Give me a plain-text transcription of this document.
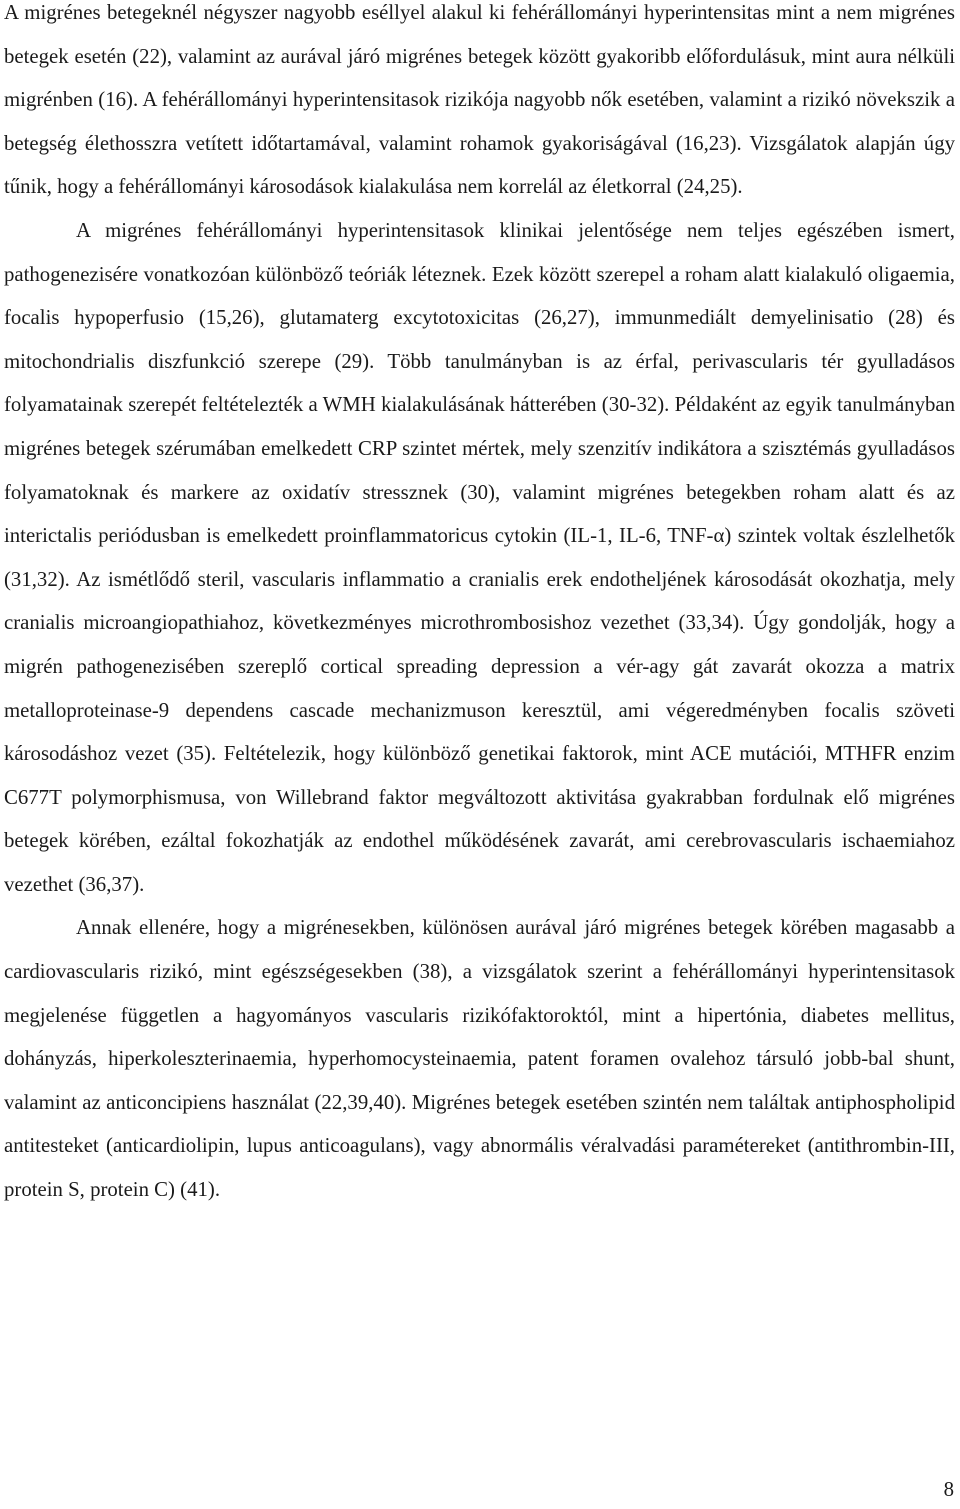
A migrénes betegeknél négyszer nagyobb eséllyel alakul ki fehérállományi hyperintensitas mint a nem migrénes betegek esetén (22), valamint az aurával járó migrénes betegek között gyakoribb előfordulásuk, mint aura nélküli migrénben (16). A fehérállományi hyperintensitasok rizikója nagyobb nők esetében, valamint a rizikó növekszik a betegség élethosszra vetített időtartamával, valamint rohamok gyakoriságával (16,23). Vizsgálatok alapján úgy tűnik, hogy a fehérállományi károsodások kialakulása nem korrelál az életkorral (24,25).

A migrénes fehérállományi hyperintensitasok klinikai jelentősége nem teljes egészében ismert, pathogenezisére vonatkozóan különböző teóriák léteznek. Ezek között szerepel a roham alatt kialakuló oligaemia, focalis hypoperfusio (15,26), glutamaterg excytotoxicitas (26,27), immunmediált demyelinisatio (28) és mitochondrialis diszfunkció szerepe (29). Több tanulmányban is az érfal, perivascularis tér gyulladásos folyamatainak szerepét feltételezték a WMH kialakulásának hátterében (30-32). Példaként az egyik tanulmányban migrénes betegek szérumában emelkedett CRP szintet mértek, mely szenzitív indikátora a szisztémás gyulladásos folyamatoknak és markere az oxidatív stressznek (30), valamint migrénes betegekben roham alatt és az interictalis periódusban is emelkedett proinflammatoricus cytokin (IL-1, IL-6, TNF-α) szintek voltak észlelhetők (31,32). Az ismétlődő steril, vascularis inflammatio a cranialis erek endotheljének károsodását okozhatja, mely cranialis microangiopathiahoz, következményes microthrombosishoz vezethet (33,34). Úgy gondolják, hogy a migrén pathogenezisében szereplő cortical spreading depression a vér-agy gát zavarát okozza a matrix metalloproteinase-9 dependens cascade mechanizmuson keresztül, ami végeredményben focalis szöveti károsodáshoz vezet (35). Feltételezik, hogy különböző genetikai faktorok, mint ACE mutációi, MTHFR enzim C677T polymorphismusa, von Willebrand faktor megváltozott aktivitása gyakrabban fordulnak elő migrénes betegek körében, ezáltal fokozhatják az endothel működésének zavarát, ami cerebrovascularis ischaemiahoz vezethet (36,37).

Annak ellenére, hogy a migrénesekben, különösen aurával járó migrénes betegek körében magasabb a cardiovascularis rizikó, mint egészségesekben (38), a vizsgálatok szerint a fehérállományi hyperintensitasok megjelenése független a hagyományos vascularis rizikófaktoroktól, mint a hipertónia, diabetes mellitus, dohányzás, hiperkoleszterinaemia, hyperhomocysteinaemia, patent foramen ovalehoz társuló jobb-bal shunt, valamint az anticoncipiens használat (22,39,40). Migrénes betegek esetében szintén nem találtak antiphospholipid antitesteket (anticardiolipin, lupus anticoagulans), vagy abnormális véralvadási paramétereket (antithrombin-III, protein S, protein C) (41).

8
